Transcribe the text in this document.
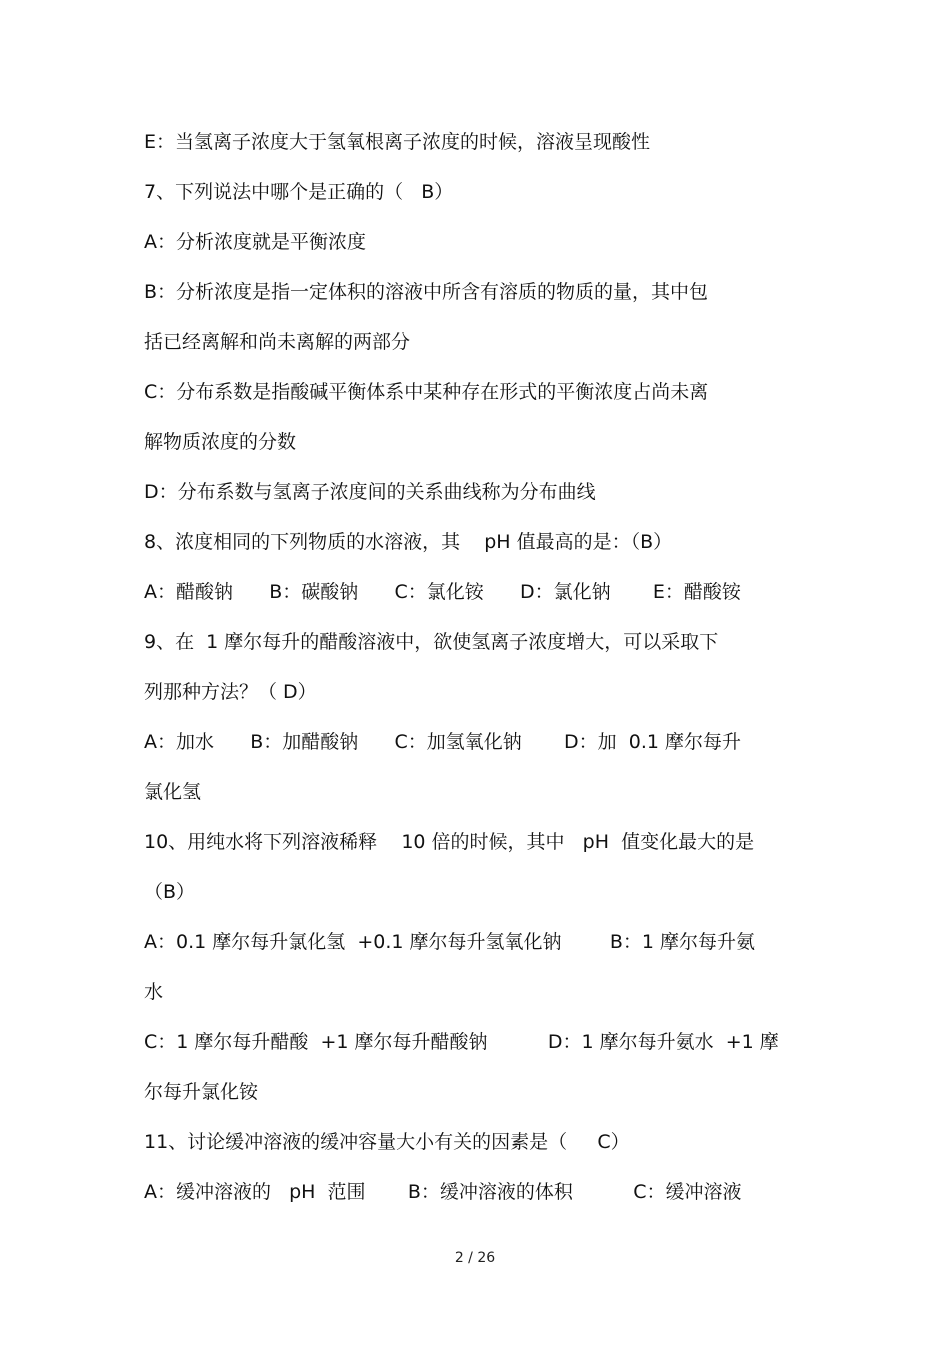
E：当氢离子浓度大于氢氧根离子浓度的时候，溶液呈现酸性
7、下列说法中哪个是正确的（   B）
A：分析浓度就是平衡浓度
B：分析浓度是指一定体积的溶液中所含有溶质的物质的量，其中包
括已经离解和尚未离解的两部分
C：分布系数是指酸碱平衡体系中某种存在形式的平衡浓度占尚未离
解物质浓度的分数
D：分布系数与氢离子浓度间的关系曲线称为分布曲线
8、浓度相同的下列物质的水溶液，其    pH 值最高的是：（B）
A：醋酸钠      B：碳酸钠      C：氯化铵      D：氯化钠       E：醋酸铵
9、在  1 摩尔每升的醋酸溶液中，欲使氢离子浓度增大，可以采取下
列那种方法？（ D）
A：加水      B：加醋酸钠      C：加氢氧化钠       D：加  0.1 摩尔每升
氯化氢
10、用纯水将下列溶液稀释    10 倍的时候，其中   pH  值变化最大的是
（B）
A：0.1 摩尔每升氯化氢  +0.1 摩尔每升氢氧化钠        B：1 摩尔每升氨
水
C：1 摩尔每升醋酸  +1 摩尔每升醋酸钠          D：1 摩尔每升氨水  +1 摩
尔每升氯化铵
11、讨论缓冲溶液的缓冲容量大小有关的因素是（     C）
A：缓冲溶液的   pH  范围       B：缓冲溶液的体积          C：缓冲溶液
2 / 26
